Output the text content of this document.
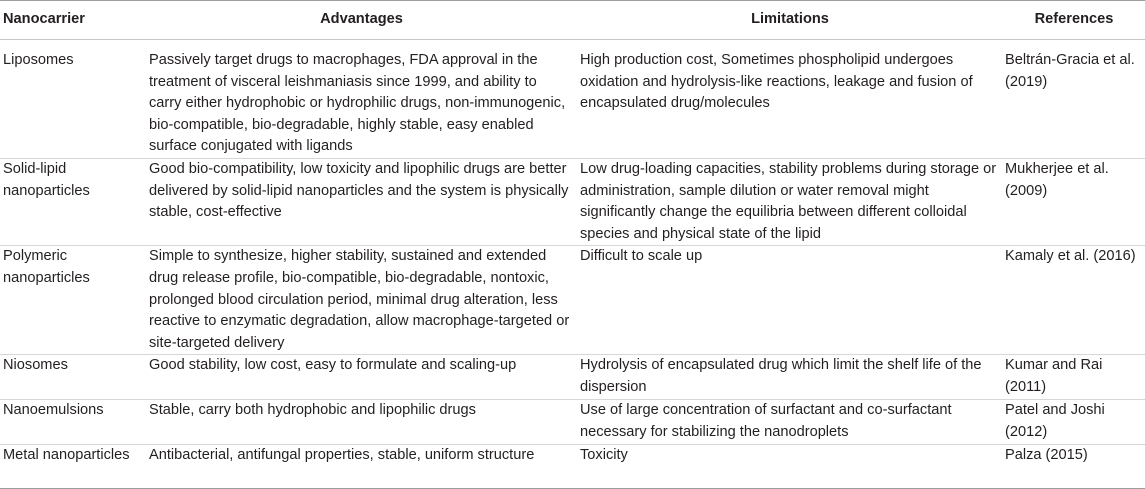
Nanocarrier	Advantages	Limitations	References
Liposomes	Passively target drugs to macrophages, FDA approval in the treatment of visceral leishmaniasis since 1999, and ability to carry either hydrophobic or hydrophilic drugs, non-immunogenic, bio-compatible, bio-degradable, highly stable, easy enabled surface conjugated with ligands	High production cost, Sometimes phospholipid undergoes oxidation and hydrolysis-like reactions, leakage and fusion of encapsulated drug/molecules	Beltrán-Gracia et al. (2019)
Solid-lipid nanoparticles	Good bio-compatibility, low toxicity and lipophilic drugs are better delivered by solid-lipid nanoparticles and the system is physically stable, cost-effective	Low drug-loading capacities, stability problems during storage or administration, sample dilution or water removal might significantly change the equilibria between different colloidal species and physical state of the lipid	Mukherjee et al. (2009)
Polymeric nanoparticles	Simple to synthesize, higher stability, sustained and extended drug release profile, bio-compatible, bio-degradable, nontoxic, prolonged blood circulation period, minimal drug alteration, less reactive to enzymatic degradation, allow macrophage-targeted or site-targeted delivery	Difficult to scale up	Kamaly et al. (2016)
Niosomes	Good stability, low cost, easy to formulate and scaling-up	Hydrolysis of encapsulated drug which limit the shelf life of the dispersion	Kumar and Rai (2011)
Nanoemulsions	Stable, carry both hydrophobic and lipophilic drugs	Use of large concentration of surfactant and co-surfactant necessary for stabilizing the nanodroplets	Patel and Joshi (2012)
Metal nanoparticles	Antibacterial, antifungal properties, stable, uniform structure	Toxicity	Palza (2015)
